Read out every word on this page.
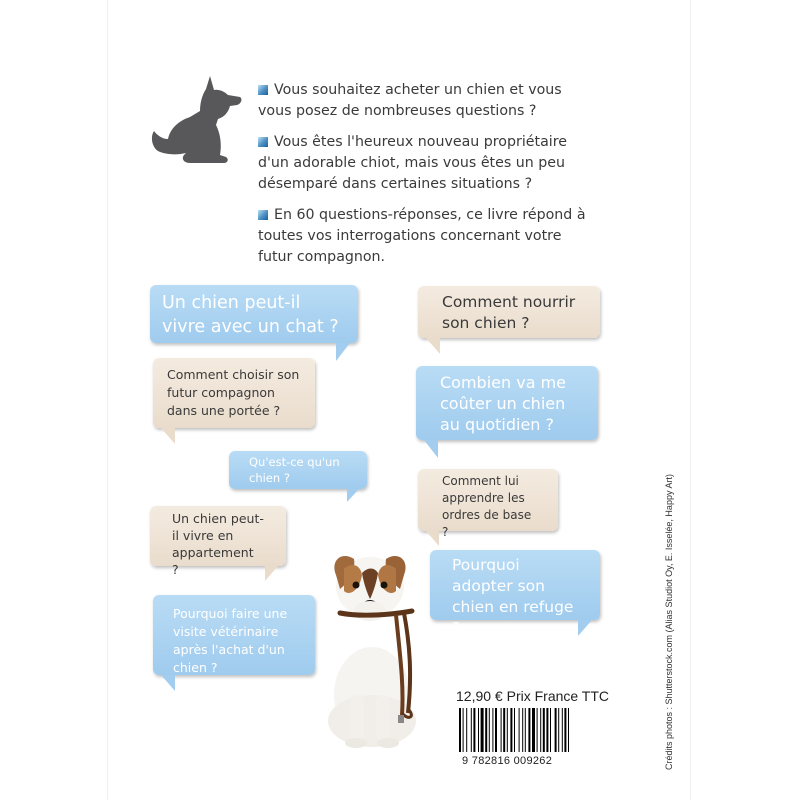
Vous souhaitez acheter un chien et vous vous posez de nombreuses questions ?

Vous êtes l'heureux nouveau propriétaire d'un adorable chiot, mais vous êtes un peu désemparé dans certaines situations ?

En 60 questions-réponses, ce livre répond à toutes vos interrogations concernant votre futur compagnon.

Un chien peut-il vivre avec un chat ?
Comment nourrir son chien ?
Comment choisir son futur compagnon dans une portée ?
Combien va me coûter un chien au quotidien ?
Qu'est-ce qu'un chien ?	Comment lui apprendre les ordres de base ?
Un chien peut-il vivre en appartement ?	Pourquoi adopter son chien en refuge ?
Pourquoi faire une visite vétérinaire après l'achat d'un chien ?
12,90 € Prix France TTC
9 782816 009262	Crédits photos : Shutterstock.com (Alias Studiot Oy, E. Isselée, Happy Art)
